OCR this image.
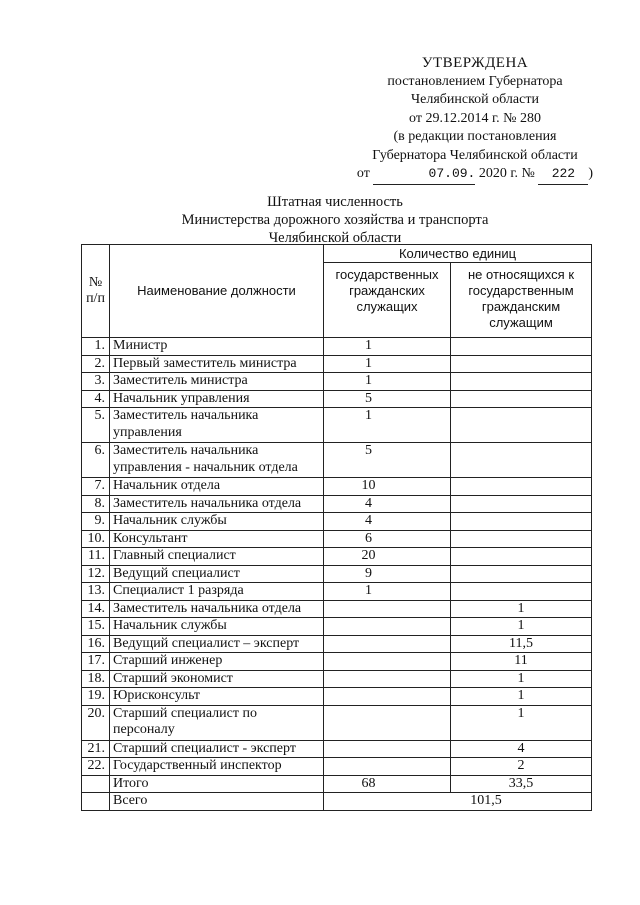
УТВЕРЖДЕНА
постановлением Губернатора
Челябинской области
от 29.12.2014 г. № 280
(в редакции постановления
Губернатора Челябинской области
от	07.09. 2020 г. № 222 )
Штатная численность
Министерства дорожного хозяйства и транспорта
Челябинской области
№
п/п	Наименование должности	Количество единиц	
		государственных гражданских служащих	не относящихся к государственным гражданским служащим
1.	Министр	1	
2.	Первый заместитель министра	1	
3.	Заместитель министра	1	
4.	Начальник управления	5	
5.	Заместитель начальника управления	1	
6.	Заместитель начальника управления - начальник отдела	5	
7.	Начальник отдела	10	
8.	Заместитель начальника отдела	4	
9.	Начальник службы	4	
10.	Консультант	6	
11.	Главный специалист	20	
12.	Ведущий специалист	9	
13.	Специалист 1 разряда	1	
14.	Заместитель начальника отдела		1
15.	Начальник службы		1
16.	Ведущий специалист – эксперт		11,5
17.	Старший инженер		11
18.	Старший экономист		1
19.	Юрисконсульт		1
20.	Старший специалист по персоналу		1
21.	Старший специалист - эксперт		4
22.	Государственный инспектор		2
	Итого	68	33,5
	Всего	101,5	
